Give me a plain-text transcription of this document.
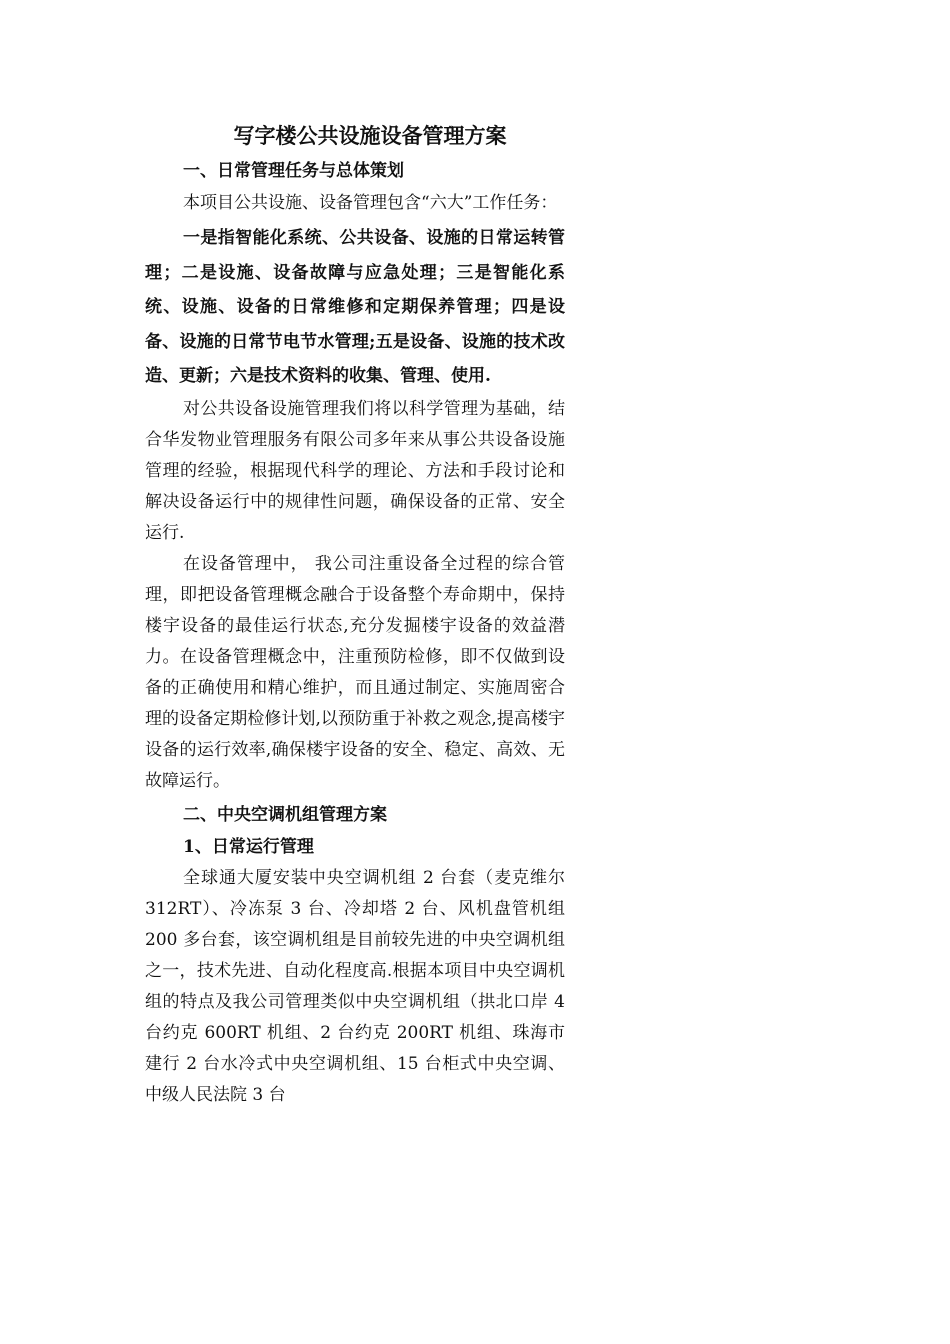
写字楼公共设施设备管理方案

一、日常管理任务与总体策划

本项目公共设施、设备管理包含“六大”工作任务：

一是指智能化系统、公共设备、设施的日常运转管理；二是设施、设备故障与应急处理；三是智能化系统、设施、设备的日常维修和定期保养管理；四是设备、设施的日常节电节水管理;五是设备、设施的技术改造、更新；六是技术资料的收集、管理、使用.

对公共设备设施管理我们将以科学管理为基础，结合华发物业管理服务有限公司多年来从事公共设备设施管理的经验，根据现代科学的理论、方法和手段讨论和解决设备运行中的规律性问题，确保设备的正常、安全运行.

在设备管理中， 我公司注重设备全过程的综合管理，即把设备管理概念融合于设备整个寿命期中，保持楼宇设备的最佳运行状态,充分发掘楼宇设备的效益潜力。在设备管理概念中，注重预防检修，即不仅做到设备的正确使用和精心维护，而且通过制定、实施周密合理的设备定期检修计划,以预防重于补救之观念,提高楼宇设备的运行效率,确保楼宇设备的安全、稳定、高效、无故障运行。

二、中央空调机组管理方案

1、日常运行管理

全球通大厦安装中央空调机组 2 台套（麦克维尔 312RT）、冷冻泵 3 台、冷却塔 2 台、风机盘管机组 200 多台套，该空调机组是目前较先进的中央空调机组之一，技术先进、自动化程度高.根据本项目中央空调机组的特点及我公司管理类似中央空调机组（拱北口岸 4 台约克 600RT 机组、2 台约克 200RT 机组、珠海市建行 2 台水冷式中央空调机组、15 台柜式中央空调、中级人民法院 3 台
